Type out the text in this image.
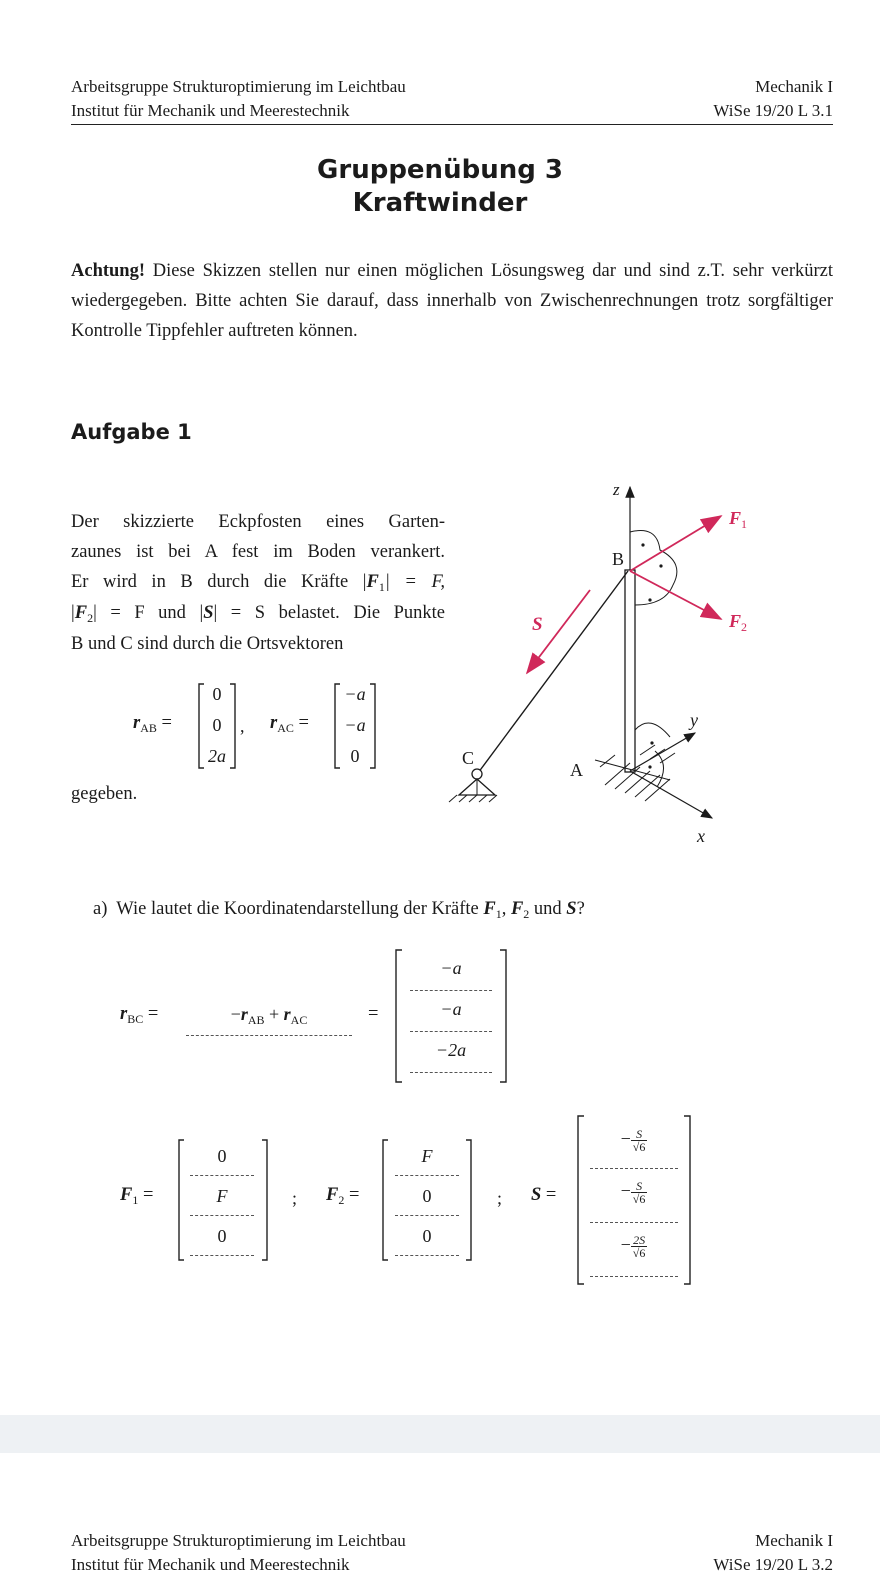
Arbeitsgruppe Strukturoptimierung im Leichtbau
Institut für Mechanik und Meerestechnik
Mechanik I
WiSe 19/20 L 3.1
Gruppenübung 3
Kraftwinder
Achtung! Diese Skizzen stellen nur einen möglichen Lösungsweg dar und sind z.T. sehr verkürzt wiedergegeben. Bitte achten Sie darauf, dass innerhalb von Zwischenrechnungen trotz sorgfältiger Kontrolle Tippfehler auftreten können.
Aufgabe 1
Der skizzierte Eckpfosten eines Garten-
zaunes ist bei A fest im Boden verankert.
Er wird in B durch die Kräfte $|F_1| = F$,
$|F_2| = F$ und |S| = S belastet. Die Punkte
B und C sind durch die Ortsvektoren
$r_{AB}$ =
0
0
2a
, $r_{AC}$ =
−a
−a
0
gegeben.
z
B
C
A
y
x
$F_1$
$F_2$
S
a) Wie lautet die Koordinatendarstellung der Kräfte $F_1$, $F_2$ und S?
$r_{BC}$ =	$-r_{AB} + r_{AC}$	=
−a
−a
−2a
$F_1$ =
0
F
0
; $F_2$ =
F
0
0
; S =
− $\frac{S}{√6}$
− $\frac{S}{√6}$
− $\frac{2S}{√6}$
Arbeitsgruppe Strukturoptimierung im Leichtbau
Institut für Mechanik und Meerestechnik
Mechanik I
WiSe 19/20 L 3.2
